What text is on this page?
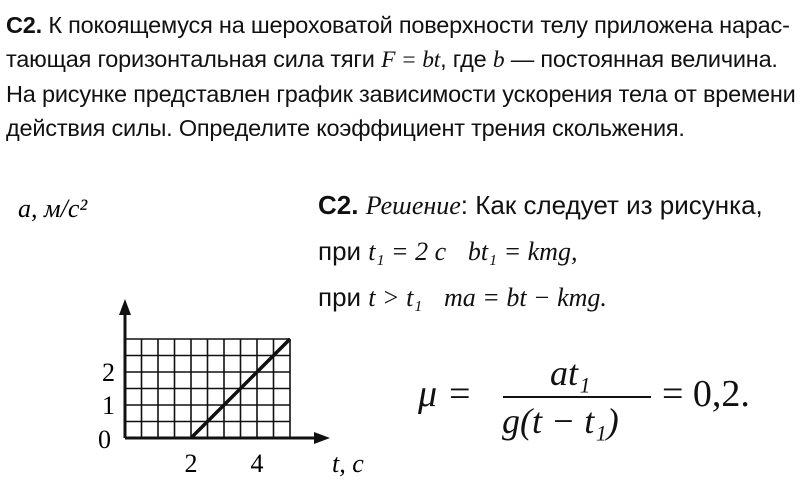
С2. К покоящемуся на шероховатой поверхности телу приложена нарас-
тающая горизонтальная сила тяги F = bt, где b — постоянная величина.
На рисунке представлен график зависимости ускорения тела от времени
действия силы. Определите коэффициент трения скольжения.
0
2 4
1
2
a, м/с²
t, с
С2. Решение: Как следует из рисунка,
при t₁ = 2 с bt₁ = kmg,
при t > t₁ ma = bt − kmg.
μ = at₁
g(t − t₁)
= 0,2.
